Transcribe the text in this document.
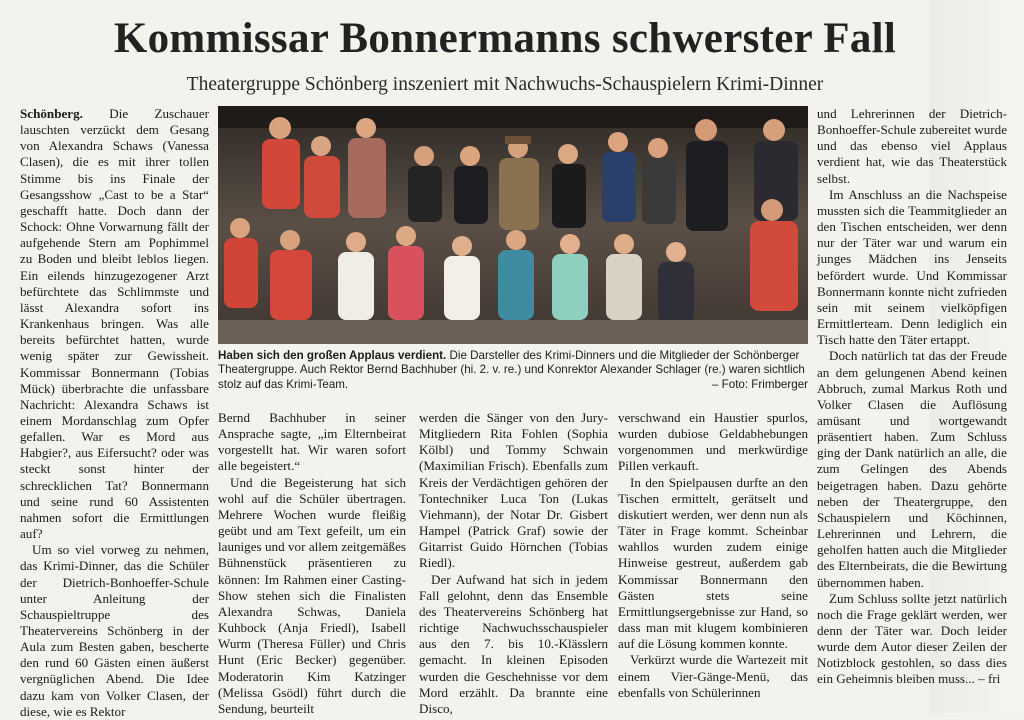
Kommissar Bonnermanns schwerster Fall
Theatergruppe Schönberg inszeniert mit Nachwuchs-Schauspielern Krimi-Dinner

Schönberg. Die Zuschauer lauschten verzückt dem Gesang von Alexandra Schaws (Vanessa Clasen), die es mit ihrer tollen Stimme bis ins Finale der Gesangsshow „Cast to be a Star“ geschafft hatte. Doch dann der Schock: Ohne Vorwarnung fällt der aufgehende Stern am Pophimmel zu Boden und bleibt leblos liegen. Ein eilends hinzugezogener Arzt befürchtete das Schlimmste und lässt Alexandra sofort ins Krankenhaus bringen. Was alle bereits befürchtet hatten, wurde wenig später zur Gewissheit. Kommissar Bonnermann (Tobias Mück) überbrachte die unfassbare Nachricht: Alexandra Schaws ist einem Mordanschlag zum Opfer gefallen. War es Mord aus Habgier?, aus Eifersucht? oder was steckt sonst hinter der schrecklichen Tat? Bonnermann und seine rund 60 Assistenten nahmen sofort die Ermittlungen auf?

Um so viel vorweg zu nehmen, das Krimi-Dinner, das die Schüler der Dietrich-Bonhoeffer-Schule unter Anleitung der Schauspieltruppe des Theatervereins Schönberg in der Aula zum Besten gaben, bescherte den rund 60 Gästen einen äußerst vergnüglichen Abend. Die Idee dazu kam von Volker Clasen, der diese, wie es Rektor

Haben sich den großen Applaus verdient. Die Darsteller des Krimi-Dinners und die Mitglieder der Schönberger Theatergruppe. Auch Rektor Bernd Bachhuber (hi. 2. v. re.) und Konrektor Alexander Schlager (re.) waren sichtlich stolz auf das Krimi-Team.	– Foto: Frimberger

Bernd Bachhuber in seiner Ansprache sagte, „im Elternbeirat vorgestellt hat. Wir waren sofort alle begeistert.“

Und die Begeisterung hat sich wohl auf die Schüler übertragen. Mehrere Wochen wurde fleißig geübt und am Text gefeilt, um ein launiges und vor allem zeitgemäßes Bühnenstück präsentieren zu können: Im Rahmen einer Casting-Show stehen sich die Finalisten Alexandra Schwas, Daniela Kuhbock (Anja Friedl), Isabell Wurm (Theresa Füller) und Chris Hunt (Eric Becker) gegenüber. Moderatorin Kim Katzinger (Melissa Gsödl) führt durch die Sendung, beurteilt

werden die Sänger von den Jury-Mitgliedern Rita Fohlen (Sophia Kölbl) und Tommy Schwain (Maximilian Frisch). Ebenfalls zum Kreis der Verdächtigen gehören der Tontechniker Luca Ton (Lukas Viehmann), der Notar Dr. Gisbert Hampel (Patrick Graf) sowie der Gitarrist Guido Hörnchen (Tobias Riedl).

Der Aufwand hat sich in jedem Fall gelohnt, denn das Ensemble des Theatervereins Schönberg hat richtige Nachwuchsschauspieler aus den 7. bis 10.-Klässlern gemacht. In kleinen Episoden wurden die Geschehnisse vor dem Mord erzählt. Da brannte eine Disco,

verschwand ein Haustier spurlos, wurden dubiose Geldabhebungen vorgenommen und merkwürdige Pillen verkauft.

In den Spielpausen durfte an den Tischen ermittelt, gerätselt und diskutiert werden, wer denn nun als Täter in Frage kommt. Scheinbar wahllos wurden zudem einige Hinweise gestreut, außerdem gab Kommissar Bonnermann den Gästen stets seine Ermittlungsergebnisse zur Hand, so dass man mit klugem kombinieren auf die Lösung kommen konnte.

Verkürzt wurde die Wartezeit mit einem Vier-Gänge-Menü, das ebenfalls von Schülerinnen

und Lehrerinnen der Dietrich-Bonhoeffer-Schule zubereitet wurde und das ebenso viel Applaus verdient hat, wie das Theaterstück selbst.

Im Anschluss an die Nachspeise mussten sich die Teammitglieder an den Tischen entscheiden, wer denn nur der Täter war und warum ein junges Mädchen ins Jenseits befördert wurde. Und Kommissar Bonnermann konnte nicht zufrieden sein mit seinem vielköpfigen Ermittlerteam. Denn lediglich ein Tisch hatte den Täter ertappt.

Doch natürlich tat das der Freude an dem gelungenen Abend keinen Abbruch, zumal Markus Roth und Volker Clasen die Auflösung amüsant und wortgewandt präsentiert haben. Zum Schluss ging der Dank natürlich an alle, die zum Gelingen des Abends beigetragen haben. Dazu gehörte neben der Theatergruppe, den Schauspielern und Köchinnen, Lehrerinnen und Lehrern, die geholfen hatten auch die Mitglieder des Elternbeirats, die die Bewirtung übernommen haben.

Zum Schluss sollte jetzt natürlich noch die Frage geklärt werden, wer denn der Täter war. Doch leider wurde dem Autor dieser Zeilen der Notizblock gestohlen, so dass dies ein Geheimnis bleiben muss... – fri
